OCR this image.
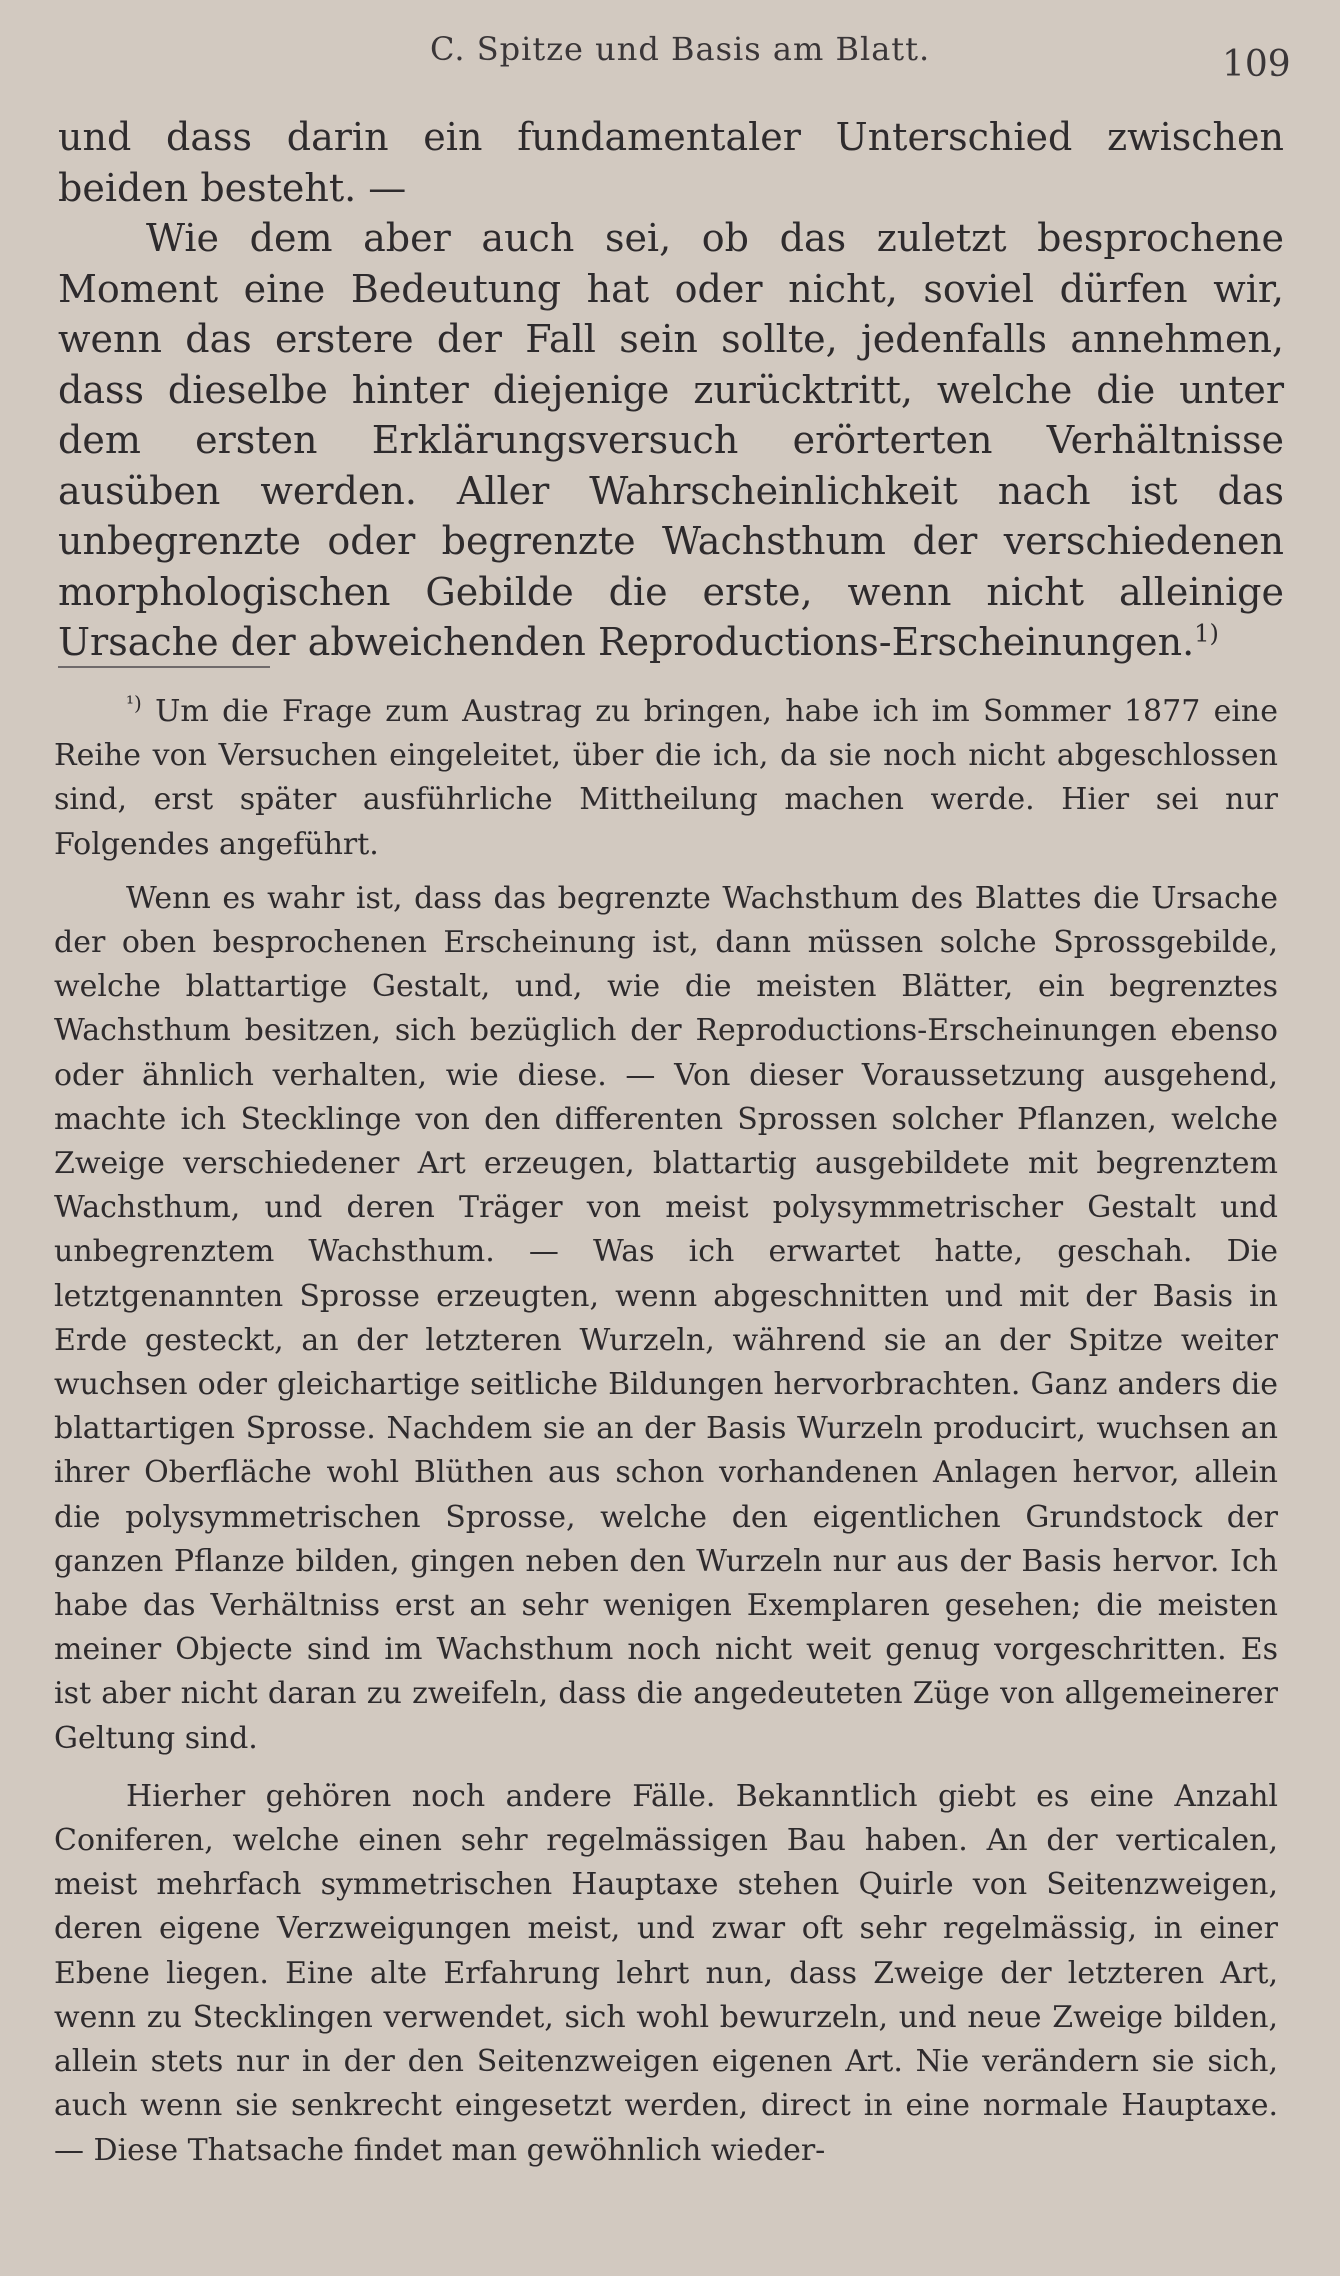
C. Spitze und Basis am Blatt.	109

und dass darin ein fundamentaler Unterschied zwischen beiden besteht. —

Wie dem aber auch sei, ob das zuletzt besprochene Moment eine Bedeutung hat oder nicht, soviel dürfen wir, wenn das erstere der Fall sein sollte, jedenfalls annehmen, dass dieselbe hinter diejenige zurücktritt, welche die unter dem ersten Erklärungsversuch erörterten Verhältnisse ausüben werden. Aller Wahrscheinlichkeit nach ist das unbegrenzte oder begrenzte Wachsthum der verschiedenen morphologischen Gebilde die erste, wenn nicht alleinige Ursache der abweichenden Reproductions-Erscheinungen.$^{1)}$

$^{^1)}$ Um die Frage zum Austrag zu bringen, habe ich im Sommer 1877 eine Reihe von Versuchen eingeleitet, über die ich, da sie noch nicht abgeschlossen sind, erst später ausführliche Mittheilung machen werde. Hier sei nur Folgendes angeführt.

Wenn es wahr ist, dass das begrenzte Wachsthum des Blattes die Ursache der oben besprochenen Erscheinung ist, dann müssen solche Sprossgebilde, welche blattartige Gestalt, und, wie die meisten Blätter, ein begrenztes Wachsthum besitzen, sich bezüglich der Reproductions-Erscheinungen ebenso oder ähnlich verhalten, wie diese. — Von dieser Voraussetzung ausgehend, machte ich Stecklinge von den differenten Sprossen solcher Pflanzen, welche Zweige verschiedener Art erzeugen, blattartig ausgebildete mit begrenztem Wachsthum, und deren Träger von meist polysymmetrischer Gestalt und unbegrenztem Wachsthum. — Was ich erwartet hatte, geschah. Die letztgenannten Sprosse erzeugten, wenn abgeschnitten und mit der Basis in Erde gesteckt, an der letzteren Wurzeln, während sie an der Spitze weiter wuchsen oder gleichartige seitliche Bildungen hervorbrachten. Ganz anders die blattartigen Sprosse. Nachdem sie an der Basis Wurzeln producirt, wuchsen an ihrer Oberfläche wohl Blüthen aus schon vorhandenen Anlagen hervor, allein die polysymmetrischen Sprosse, welche den eigentlichen Grundstock der ganzen Pflanze bilden, gingen neben den Wurzeln nur aus der Basis hervor. Ich habe das Verhältniss erst an sehr wenigen Exemplaren gesehen; die meisten meiner Objecte sind im Wachsthum noch nicht weit genug vorgeschritten. Es ist aber nicht daran zu zweifeln, dass die angedeuteten Züge von allgemeinerer Geltung sind.

Hierher gehören noch andere Fälle. Bekanntlich giebt es eine Anzahl Coniferen, welche einen sehr regelmässigen Bau haben. An der verticalen, meist mehrfach symmetrischen Hauptaxe stehen Quirle von Seitenzweigen, deren eigene Verzweigungen meist, und zwar oft sehr regelmässig, in einer Ebene liegen. Eine alte Erfahrung lehrt nun, dass Zweige der letzteren Art, wenn zu Stecklingen verwendet, sich wohl bewurzeln, und neue Zweige bilden, allein stets nur in der den Seitenzweigen eigenen Art. Nie verändern sie sich, auch wenn sie senkrecht eingesetzt werden, direct in eine normale Hauptaxe. — Diese Thatsache findet man gewöhnlich wieder-
